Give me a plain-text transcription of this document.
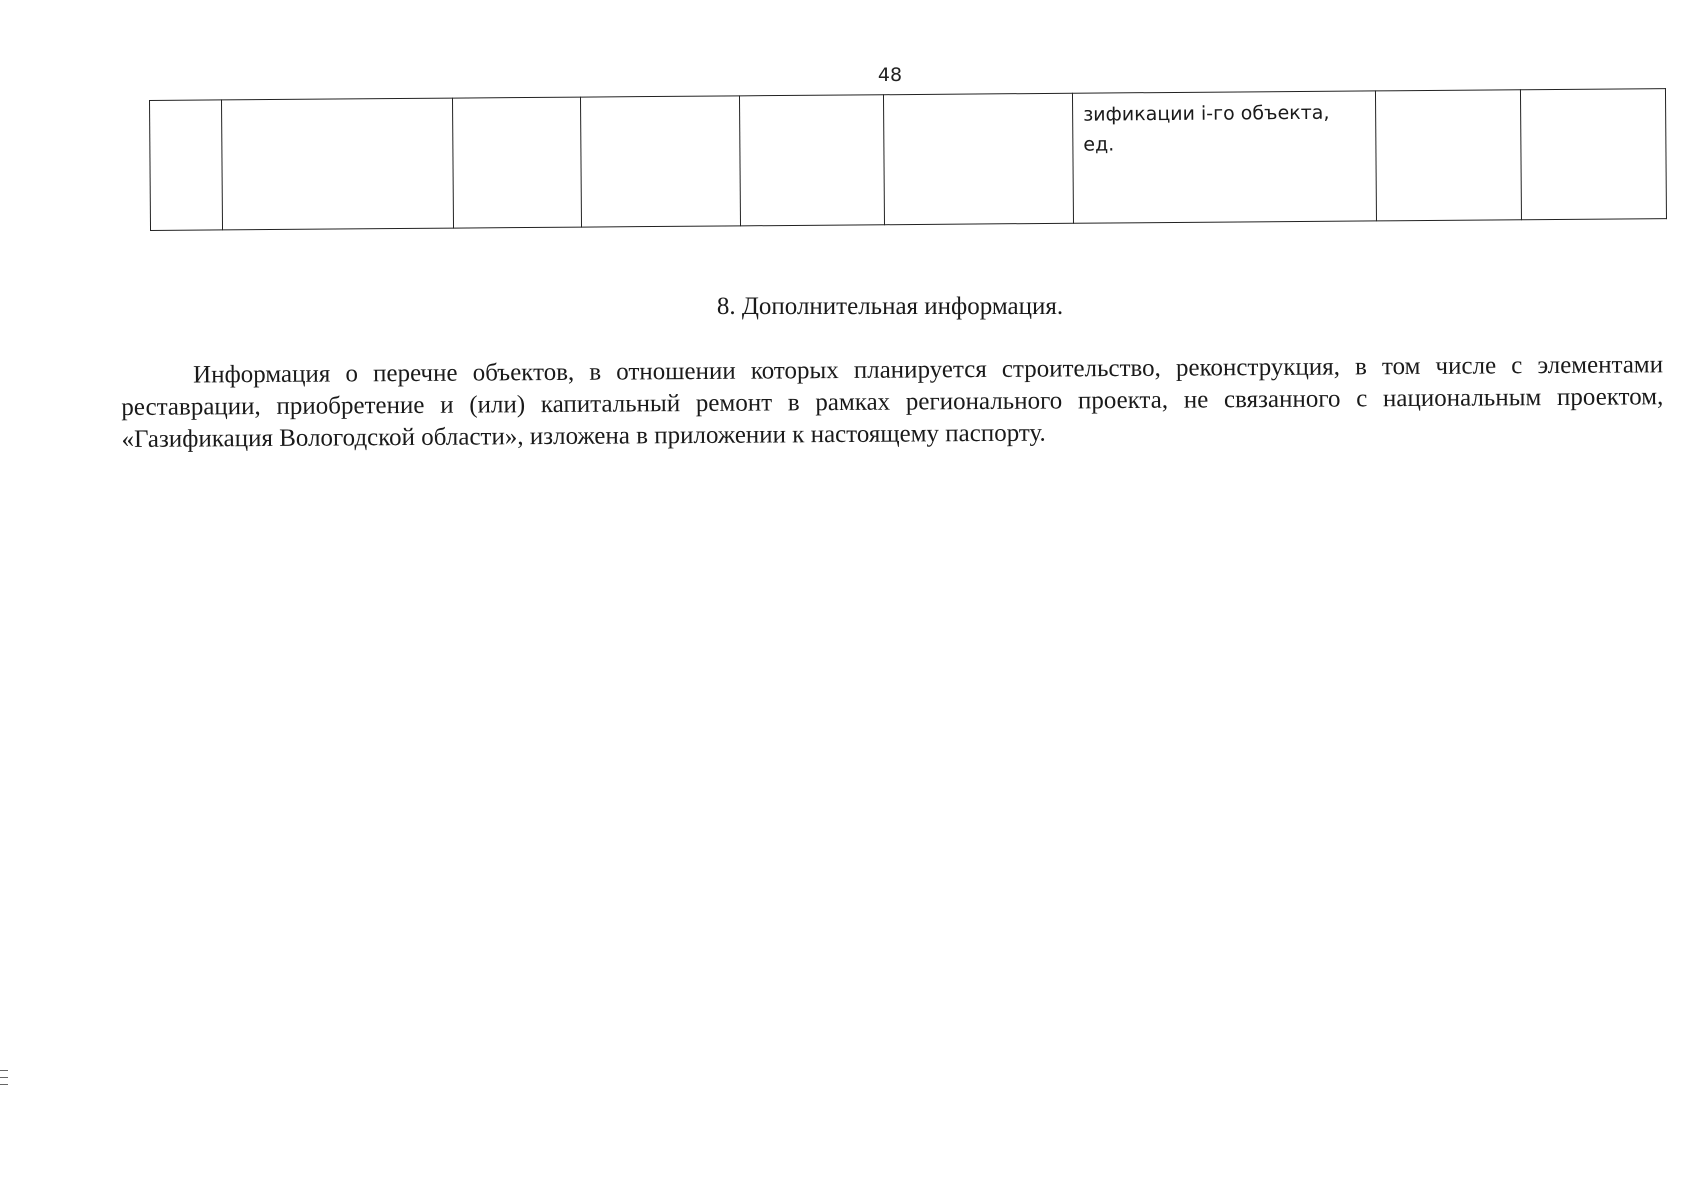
48
						зификации i-го объекта, ед.		
8. Дополнительная информация.

Информация о перечне объектов, в отношении которых планируется строительство, реконструкция, в том числе с элементами реставрации, приобретение и (или) капитальный ремонт в рамках регионального проекта, не связанного с национальным проектом, «Газификация Вологодской области», изложена в приложении к настоящему паспорту.
